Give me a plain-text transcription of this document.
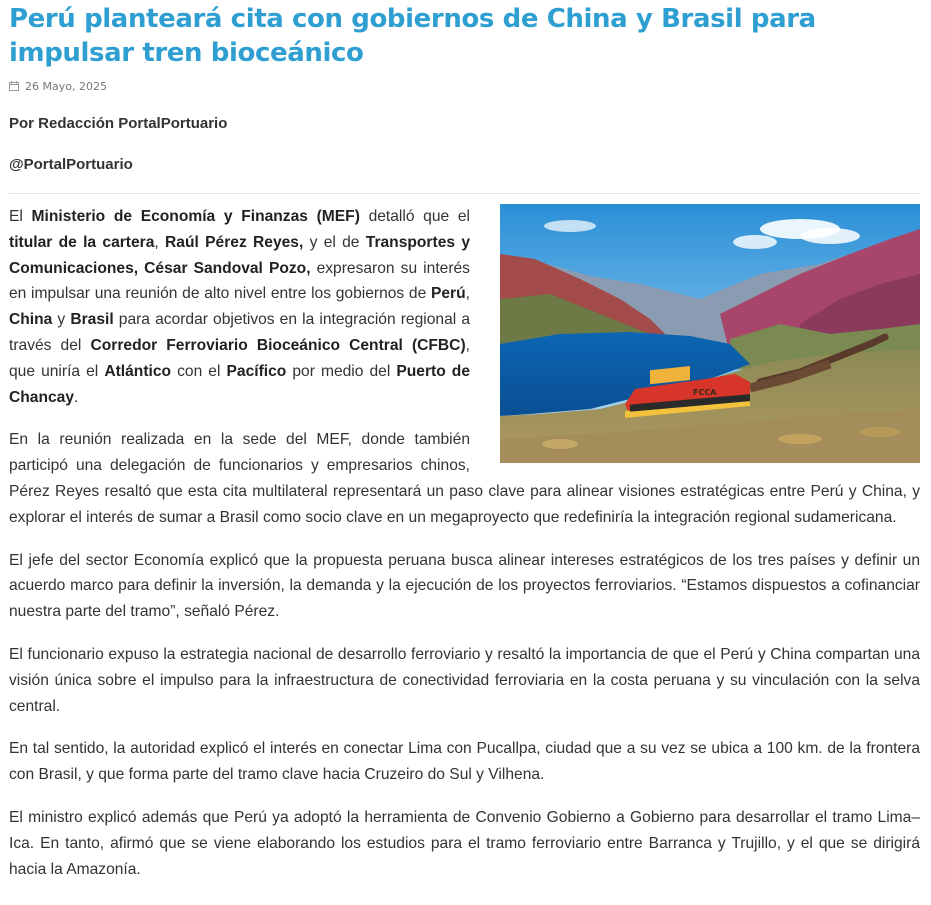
Perú planteará cita con gobiernos de China y Brasil para impulsar tren bioceánico
26 Mayo, 2025
Por Redacción PortalPortuario
@PortalPortuario
FCCA

El Ministerio de Economía y Finanzas (MEF) detalló que el titular de la cartera, Raúl Pérez Reyes, y el de Transportes y Comunicaciones, César Sandoval Pozo, expresaron su interés en impulsar una reunión de alto nivel entre los gobiernos de Perú, China y Brasil para acordar objetivos en la integración regional a través del Corredor Ferroviario Bioceánico Central (CFBC), que uniría el Atlántico con el Pacífico por medio del Puerto de Chancay.

En la reunión realizada en la sede del MEF, donde también participó una delegación de funcionarios y empresarios chinos, Pérez Reyes resaltó que esta cita multilateral representará un paso clave para alinear visiones estratégicas entre Perú y China, y explorar el interés de sumar a Brasil como socio clave en un megaproyecto que redefiniría la integración regional sudamericana.

El jefe del sector Economía explicó que la propuesta peruana busca alinear intereses estratégicos de los tres países y definir un acuerdo marco para definir la inversión, la demanda y la ejecución de los proyectos ferroviarios. “Estamos dispuestos a cofinanciar nuestra parte del tramo”, señaló Pérez.

El funcionario expuso la estrategia nacional de desarrollo ferroviario y resaltó la importancia de que el Perú y China compartan una visión única sobre el impulso para la infraestructura de conectividad ferroviaria en la costa peruana y su vinculación con la selva central.

En tal sentido, la autoridad explicó el interés en conectar Lima con Pucallpa, ciudad que a su vez se ubica a 100 km. de la frontera con Brasil, y que forma parte del tramo clave hacia Cruzeiro do Sul y Vilhena.

El ministro explicó además que Perú ya adoptó la herramienta de Convenio Gobierno a Gobierno para desarrollar el tramo Lima–Ica. En tanto, afirmó que se viene elaborando los estudios para el tramo ferroviario entre Barranca y Trujillo, y el que se dirigirá hacia la Amazonía.
